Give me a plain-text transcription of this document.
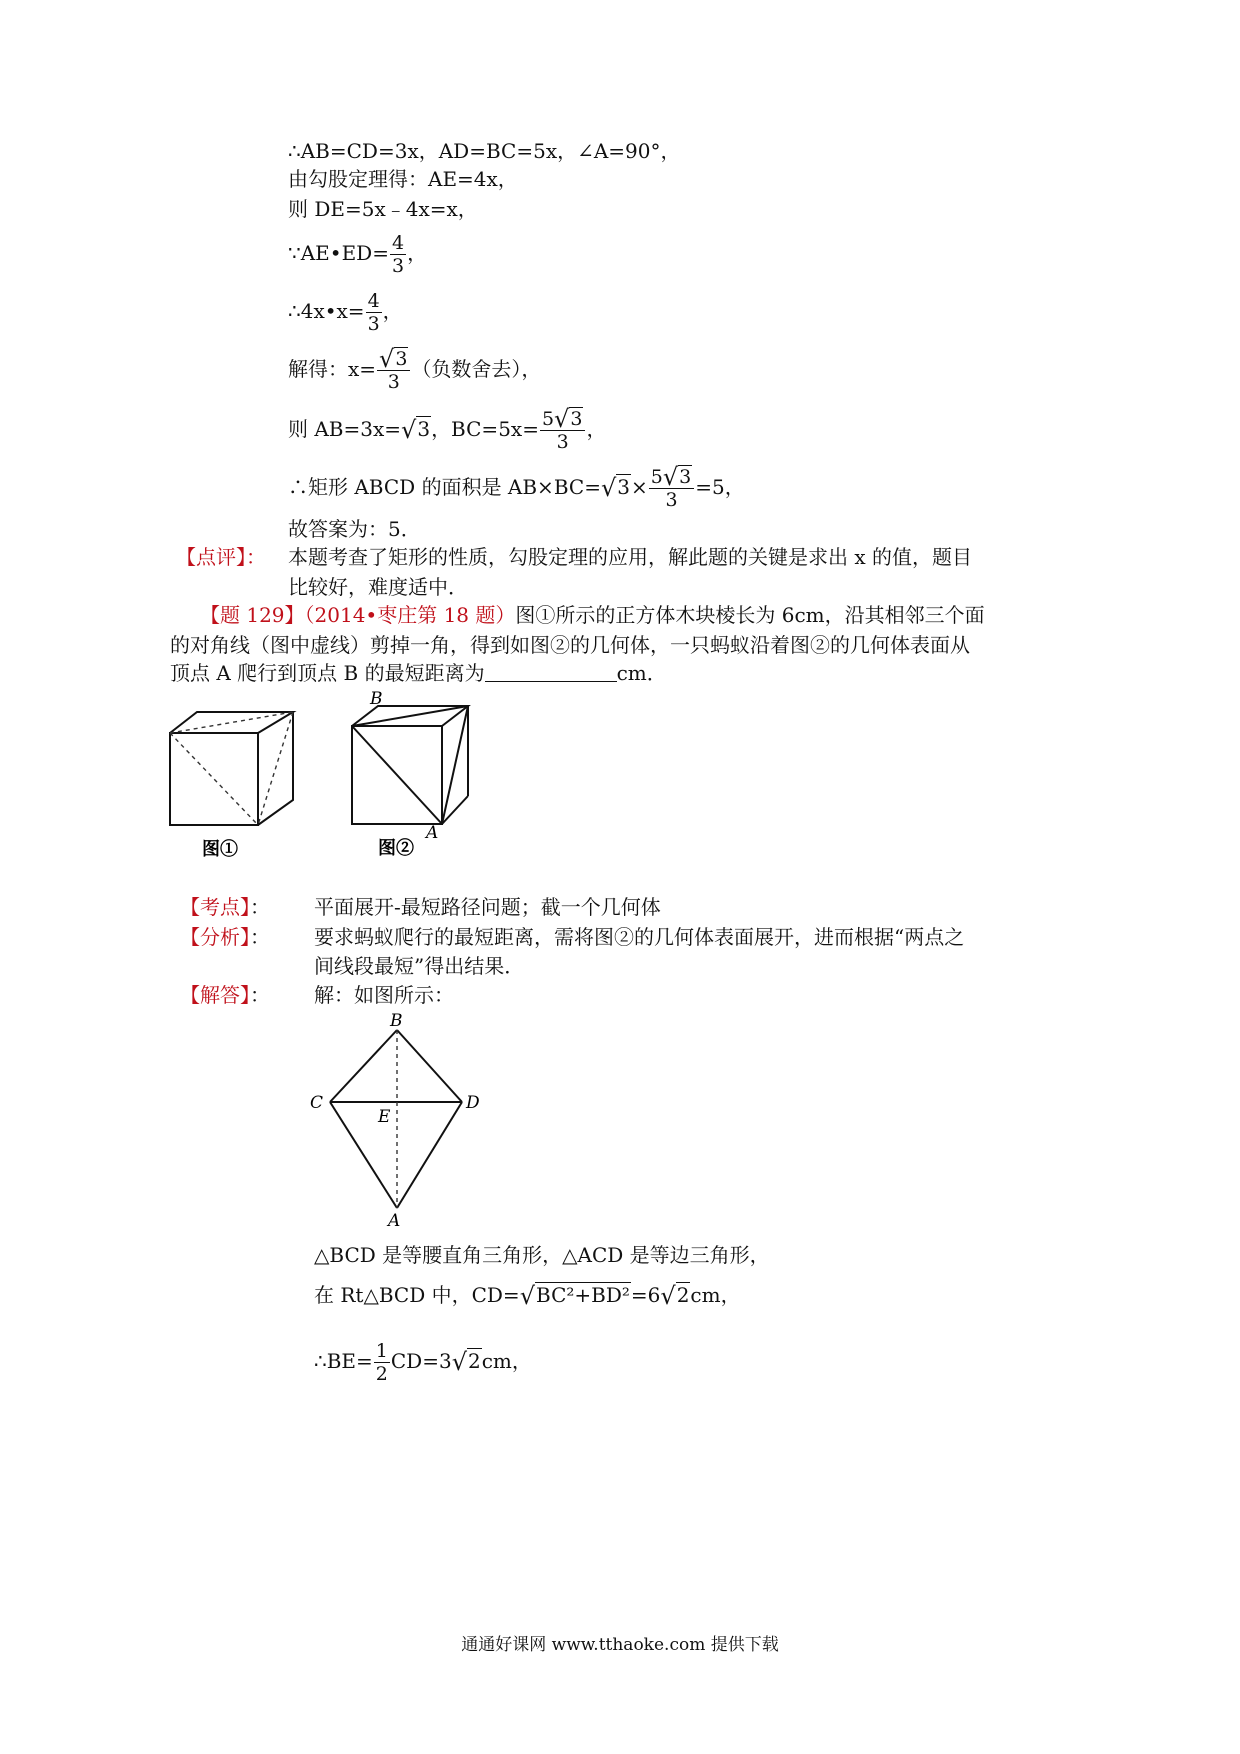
∴AB=CD=3x，AD=BC=5x，∠A=90°，
由勾股定理得：AE=4x，
则 DE=5x﹣4x=x，
∵AE•ED= $\frac{4}{3}$ ，
∴4x•x= $\frac{4}{3}$ ，
解得：$x= \frac{√3}{3}$ （负数舍去），
则 AB=3x=√3，$BC=5x= \frac{5√3}{3}$ ，
∴矩形 ABCD 的面积是 $AB\times BC=√3\times \frac{5√3}{3} =5$，
故答案为：5．
【点评】： 本题考查了矩形的性质，勾股定理的应用，解此题的关键是求出 x 的值，题目
比较好，难度适中．
【题 129】（2014•枣庄第 18 题）图①所示的正方体木块棱长为 6cm，沿其相邻三个面
的对角线（图中虚线）剪掉一角，得到如图②的几何体，一只蚂蚁沿着图②的几何体表面从
顶点 A 爬行到顶点 B 的最短距离为	cm．
图①
B
A
图②
【考点】： 平面展开-最短路径问题；截一个几何体
【分析】： 要求蚂蚁爬行的最短距离，需将图②的几何体表面展开，进而根据“两点之
间线段最短”得出结果．
【解答】： 解：如图所示：
B
C	D
E
A
△BCD 是等腰直角三角形，△ACD 是等边三角形，
在 Rt△BCD 中，CD=√BC²+BD²=6√2cm，
∴BE= $\frac{1}{2} CD=3√2cm$，
通通好课网 www.tthaoke.com 提供下载
